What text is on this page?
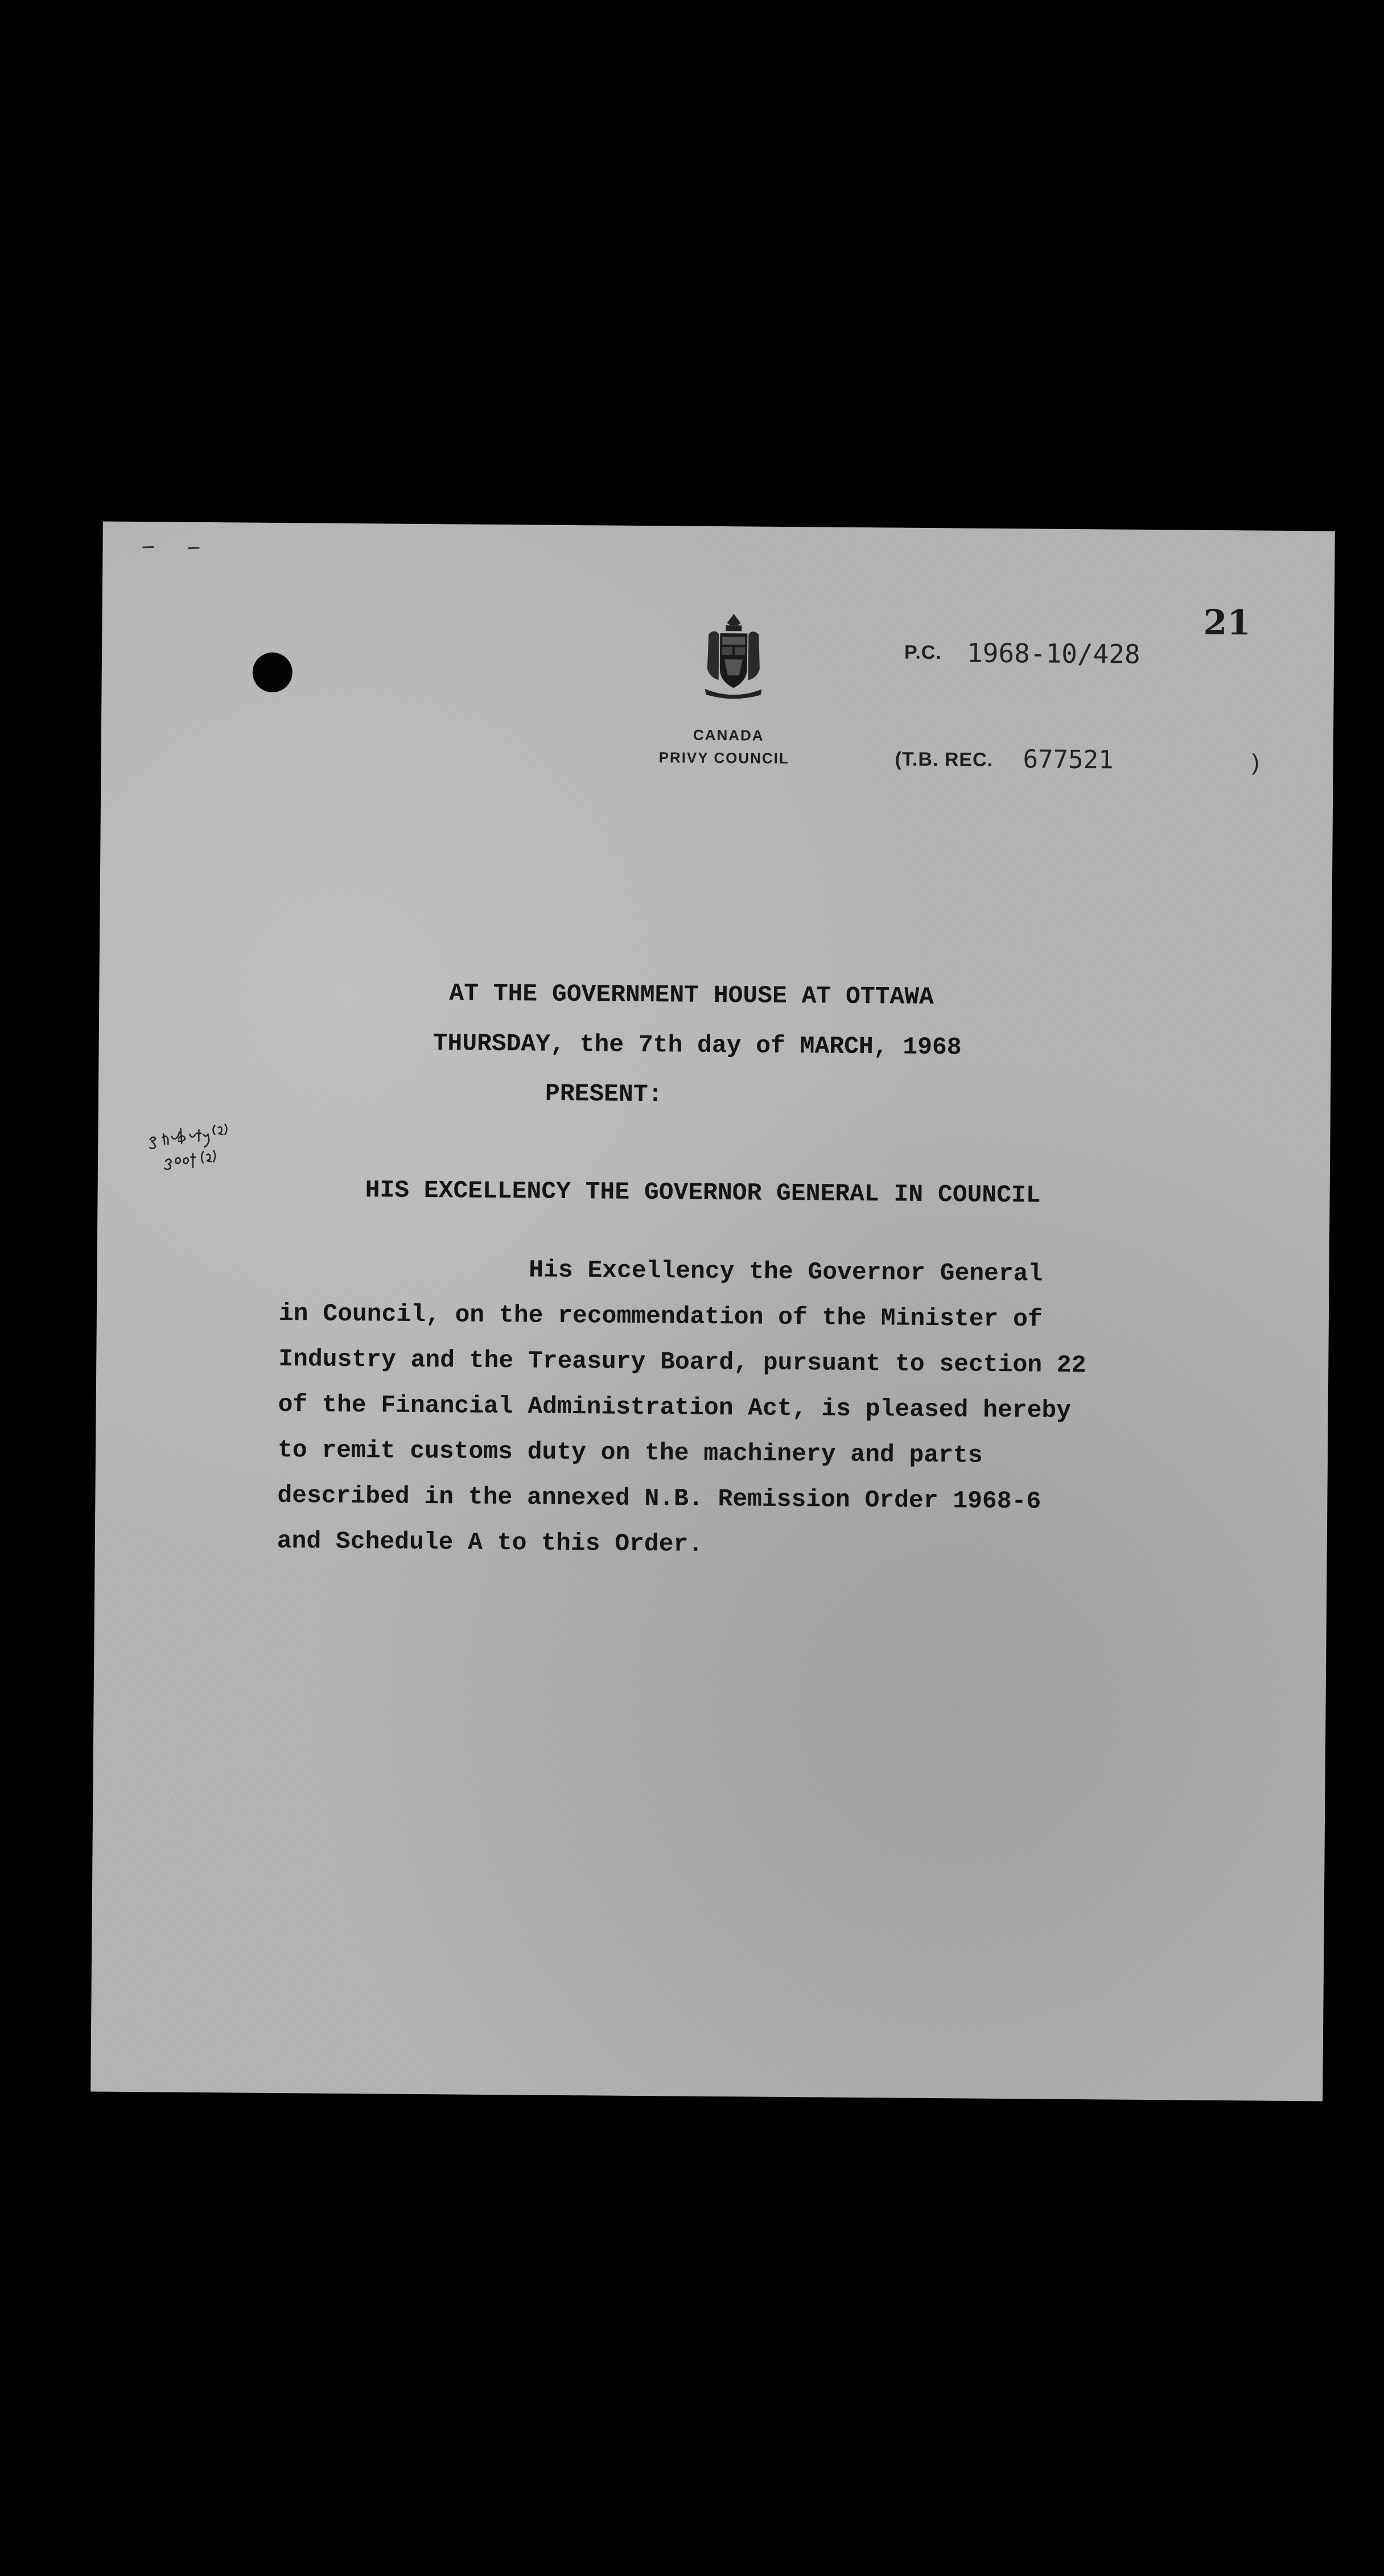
21
CANADA
PRIVY COUNCIL
P.C. 1968-10/428
(T.B. REC. 677521	)
AT THE GOVERNMENT HOUSE AT OTTAWA
THURSDAY, the 7th day of MARCH, 1968
PRESENT:
HIS EXCELLENCY THE GOVERNOR GENERAL IN COUNCIL
His Excellency the Governor General
in Council, on the recommendation of the Minister of
Industry and the Treasury Board, pursuant to section 22
of the Financial Administration Act, is pleased hereby
to remit customs duty on the machinery and parts
described in the annexed N.B. Remission Order 1968-6
and Schedule A to this Order.
